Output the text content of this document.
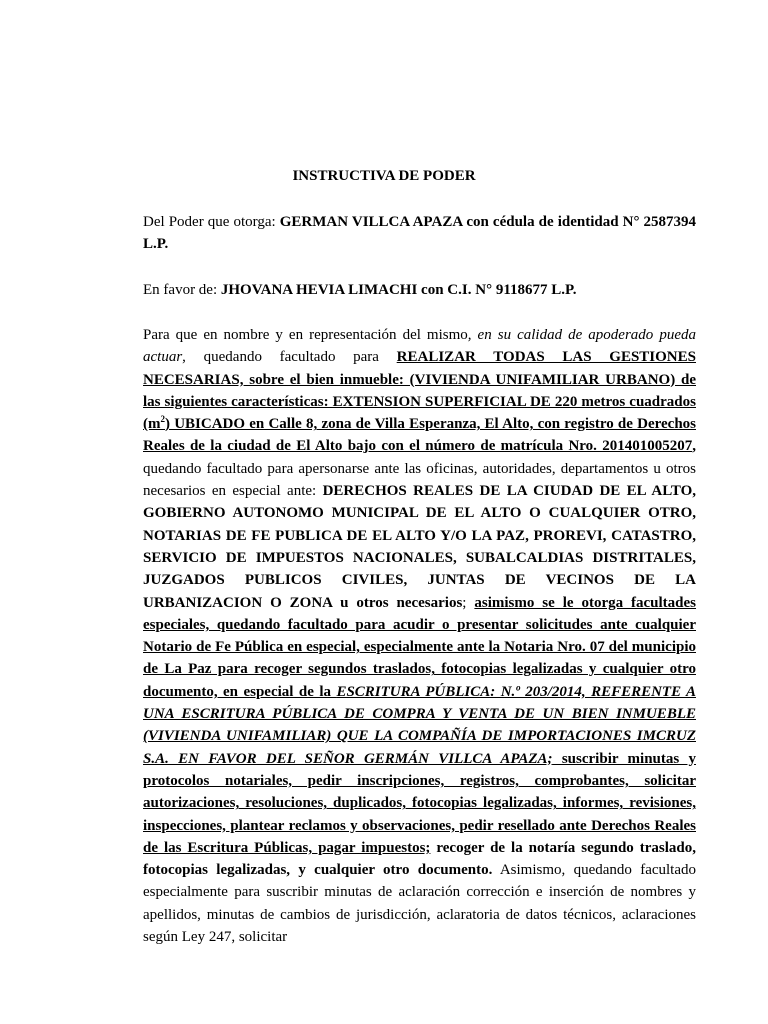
INSTRUCTIVA DE PODER

Del Poder que otorga: GERMAN VILLCA APAZA con cédula de identidad N° 2587394 L.P.

En favor de: JHOVANA HEVIA LIMACHI con C.I. N° 9118677 L.P.

Para que en nombre y en representación del mismo, en su calidad de apoderado pueda actuar, quedando facultado para REALIZAR TODAS LAS GESTIONES NECESARIAS, sobre el bien inmueble: (VIVIENDA UNIFAMILIAR URBANO) de las siguientes características: EXTENSION SUPERFICIAL DE 220 metros cuadrados $(m^2)$ UBICADO en Calle 8, zona de Villa Esperanza, El Alto, con registro de Derechos Reales de la ciudad de El Alto bajo con el número de matrícula Nro. 201401005207, quedando facultado para apersonarse ante las oficinas, autoridades, departamentos u otros necesarios en especial ante: DERECHOS REALES DE LA CIUDAD DE EL ALTO, GOBIERNO AUTONOMO MUNICIPAL DE EL ALTO O CUALQUIER OTRO, NOTARIAS DE FE PUBLICA DE EL ALTO Y/O LA PAZ, PROREVI, CATASTRO, SERVICIO DE IMPUESTOS NACIONALES, SUBALCALDIAS DISTRITALES, JUZGADOS PUBLICOS CIVILES, JUNTAS DE VECINOS DE LA URBANIZACION O ZONA u otros necesarios; asimismo se le otorga facultades especiales, quedando facultado para acudir o presentar solicitudes ante cualquier Notario de Fe Pública en especial, especialmente ante la Notaria Nro. 07 del municipio de La Paz para recoger segundos traslados, fotocopias legalizadas y cualquier otro documento, en especial de la ESCRITURA PÚBLICA: N.º 203/2014, REFERENTE A UNA ESCRITURA PÚBLICA DE COMPRA Y VENTA DE UN BIEN INMUEBLE (VIVIENDA UNIFAMILIAR) QUE LA COMPAÑÍA DE IMPORTACIONES IMCRUZ S.A. EN FAVOR DEL SEÑOR GERMÁN VILLCA APAZA; suscribir minutas y protocolos notariales, pedir inscripciones, registros, comprobantes, solicitar autorizaciones, resoluciones, duplicados, fotocopias legalizadas, informes, revisiones, inspecciones, plantear reclamos y observaciones, pedir resellado ante Derechos Reales de las Escritura Públicas, pagar impuestos; recoger de la notaría segundo traslado, fotocopias legalizadas, y cualquier otro documento. Asimismo, quedando facultado especialmente para suscribir minutas de aclaración corrección e inserción de nombres y apellidos, minutas de cambios de jurisdicción, aclaratoria de datos técnicos, aclaraciones según Ley 247, solicitar
